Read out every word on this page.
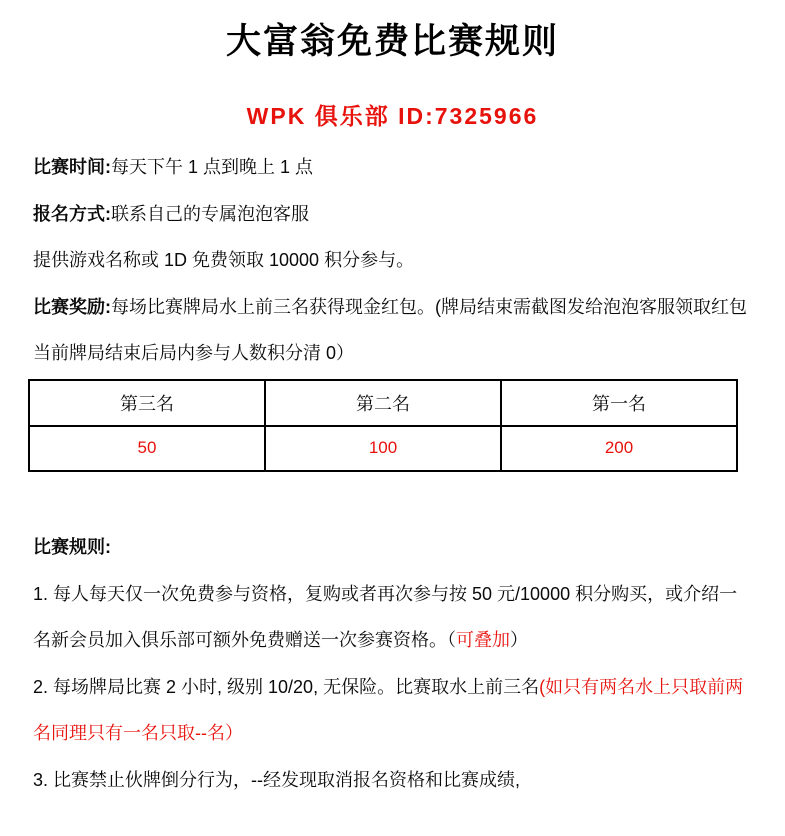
大富翁免费比赛规则
WPK 俱乐部 ID:7325966

比赛时间:每天下午 1 点到晚上 1 点

报名方式:联系自己的专属泡泡客服

提供游戏名称或 1D 免费领取 10000 积分参与。

比赛奖励:每场比赛牌局水上前三名获得现金红包。(牌局结束需截图发给泡泡客服领取红包当前牌局结束后局内参与人数积分清 0）

第三名	第二名	第一名
50	100	200

比赛规则:

1. 每人每天仅一次免费参与资格，复购或者再次参与按 50 元/10000 积分购买，或介绍一名新会员加入俱乐部可额外免费赠送一次参赛资格。（可叠加）

2. 每场牌局比赛 2 小时, 级别 10/20, 无保险。比赛取水上前三名(如只有两名水上只取前两名同理只有一名只取--名）

3. 比赛禁止伙牌倒分行为，--经发现取消报名资格和比赛成绩,
